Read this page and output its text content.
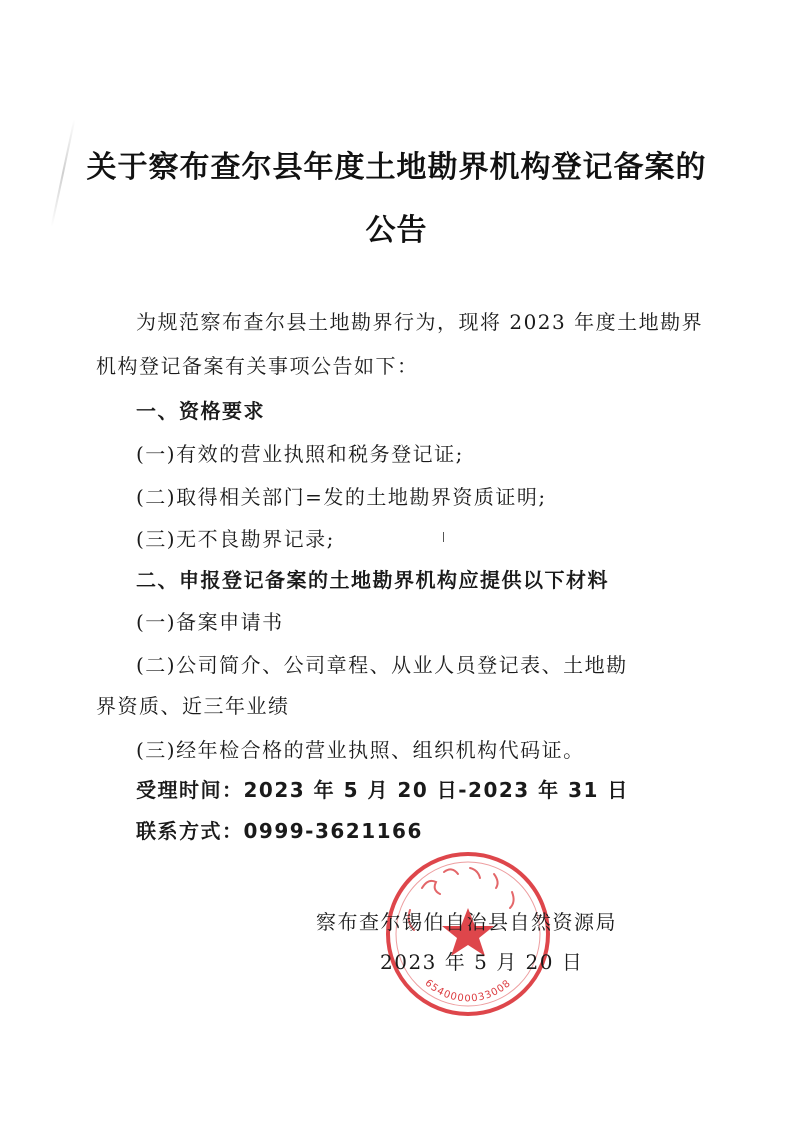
关于察布查尔县年度土地勘界机构登记备案的
公告
为规范察布查尔县土地勘界行为，现将 2023 年度土地勘界
机构登记备案有关事项公告如下：
一、资格要求
(一)有效的营业执照和税务登记证;
(二)取得相关部门=发的土地勘界资质证明;
(三)无不良勘界记录;
二、申报登记备案的土地勘界机构应提供以下材料
(一)备案申请书
(二)公司简介、公司章程、从业人员登记表、土地勘
界资质、近三年业绩
(三)经年检合格的营业执照、组织机构代码证。
受理时间：2023 年 5 月 20 日-2023 年 31 日
联系方式：0999-3621166
6540000033008
察布查尔锡伯自治县自然资源局
2023 年 5 月 20 日
